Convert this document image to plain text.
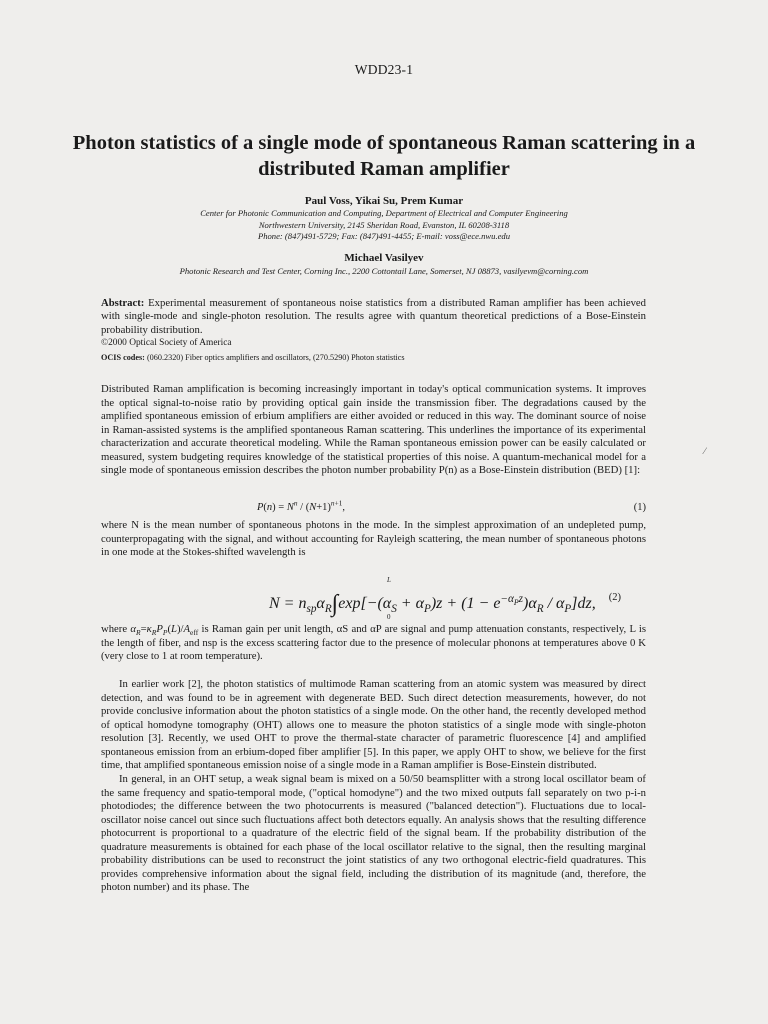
WDD23-1
Photon statistics of a single mode of spontaneous Raman scattering in a distributed Raman amplifier
Paul Voss, Yikai Su, Prem Kumar
Center for Photonic Communication and Computing, Department of Electrical and Computer Engineering
Northwestern University, 2145 Sheridan Road, Evanston, IL 60208-3118
Phone: (847)491-5729; Fax: (847)491-4455; E-mail: voss@ece.nwu.edu
Michael Vasilyev
Photonic Research and Test Center, Corning Inc., 2200 Cottontail Lane, Somerset, NJ 08873, vasilyevm@corning.com
Abstract: Experimental measurement of spontaneous noise statistics from a distributed Raman amplifier has been achieved with single-mode and single-photon resolution. The results agree with quantum theoretical predictions of a Bose-Einstein probability distribution.
©2000 Optical Society of America
OCIS codes: (060.2320) Fiber optics amplifiers and oscillators, (270.5290) Photon statistics

Distributed Raman amplification is becoming increasingly important in today's optical communication systems. It improves the optical signal-to-noise ratio by providing optical gain inside the transmission fiber. The degradations caused by the amplified spontaneous emission of erbium amplifiers are either avoided or reduced in this way. The dominant source of noise in Raman-assisted systems is the amplified spontaneous Raman scattering. This underlines the importance of its experimental characterization and accurate theoretical modeling. While the Raman spontaneous emission power can be easily calculated or measured, system budgeting requires knowledge of the statistical properties of this noise. A quantum-mechanical model for a single mode of spontaneous emission describes the photon number probability P(n) as a Bose-Einstein distribution (BED) [1]:

$P(n) = N^n / (N+1)^{n+1}$,	(1)

where N is the mean number of spontaneous photons in the mode. In the simplest approximation of an undepleted pump, counterpropagating with the signal, and without accounting for Rayleigh scattering, the mean number of spontaneous photons in one mode at the Stokes-shifted wavelength is

$N = n_{sp}\alpha_R\int\exp[-(\alpha_S + \alpha_P)z + (1 - e^{-\alpha_Pz})\alpha_R / \alpha_P]dz$,
L
0
(2)

where $\alpha_R=\kappa_RP_P(L)/A_{eff}$ is Raman gain per unit length, αS and αP are signal and pump attenuation constants, respectively, L is the length of fiber, and nsp is the excess scattering factor due to the presence of molecular phonons at temperatures above 0 K (very close to 1 at room temperature).

In earlier work [2], the photon statistics of multimode Raman scattering from an atomic system was measured by direct detection, and was found to be in agreement with degenerate BED. Such direct detection measurements, however, do not provide conclusive information about the photon statistics of a single mode. On the other hand, the recently developed method of optical homodyne tomography (OHT) allows one to measure the photon statistics of a single mode with single-photon resolution [3]. Recently, we used OHT to prove the thermal-state character of parametric fluorescence [4] and amplified spontaneous emission from an erbium-doped fiber amplifier [5]. In this paper, we apply OHT to show, we believe for the first time, that amplified spontaneous emission noise of a single mode in a Raman amplifier is Bose-Einstein distributed.

In general, in an OHT setup, a weak signal beam is mixed on a 50/50 beamsplitter with a strong local oscillator beam of the same frequency and spatio-temporal mode, ("optical homodyne") and the two mixed outputs fall separately on two p-i-n photodiodes; the difference between the two photocurrents is measured ("balanced detection"). Fluctuations due to local-oscillator noise cancel out since such fluctuations affect both detectors equally. An analysis shows that the resulting difference photocurrent is proportional to a quadrature of the electric field of the signal beam. If the probability distribution of the quadrature measurements is obtained for each phase of the local oscillator relative to the signal, then the resulting marginal probability distributions can be used to reconstruct the joint statistics of any two orthogonal electric-field quadratures. This provides comprehensive information about the signal field, including the distribution of its magnitude (and, therefore, the photon number) and its phase. The

⁄
